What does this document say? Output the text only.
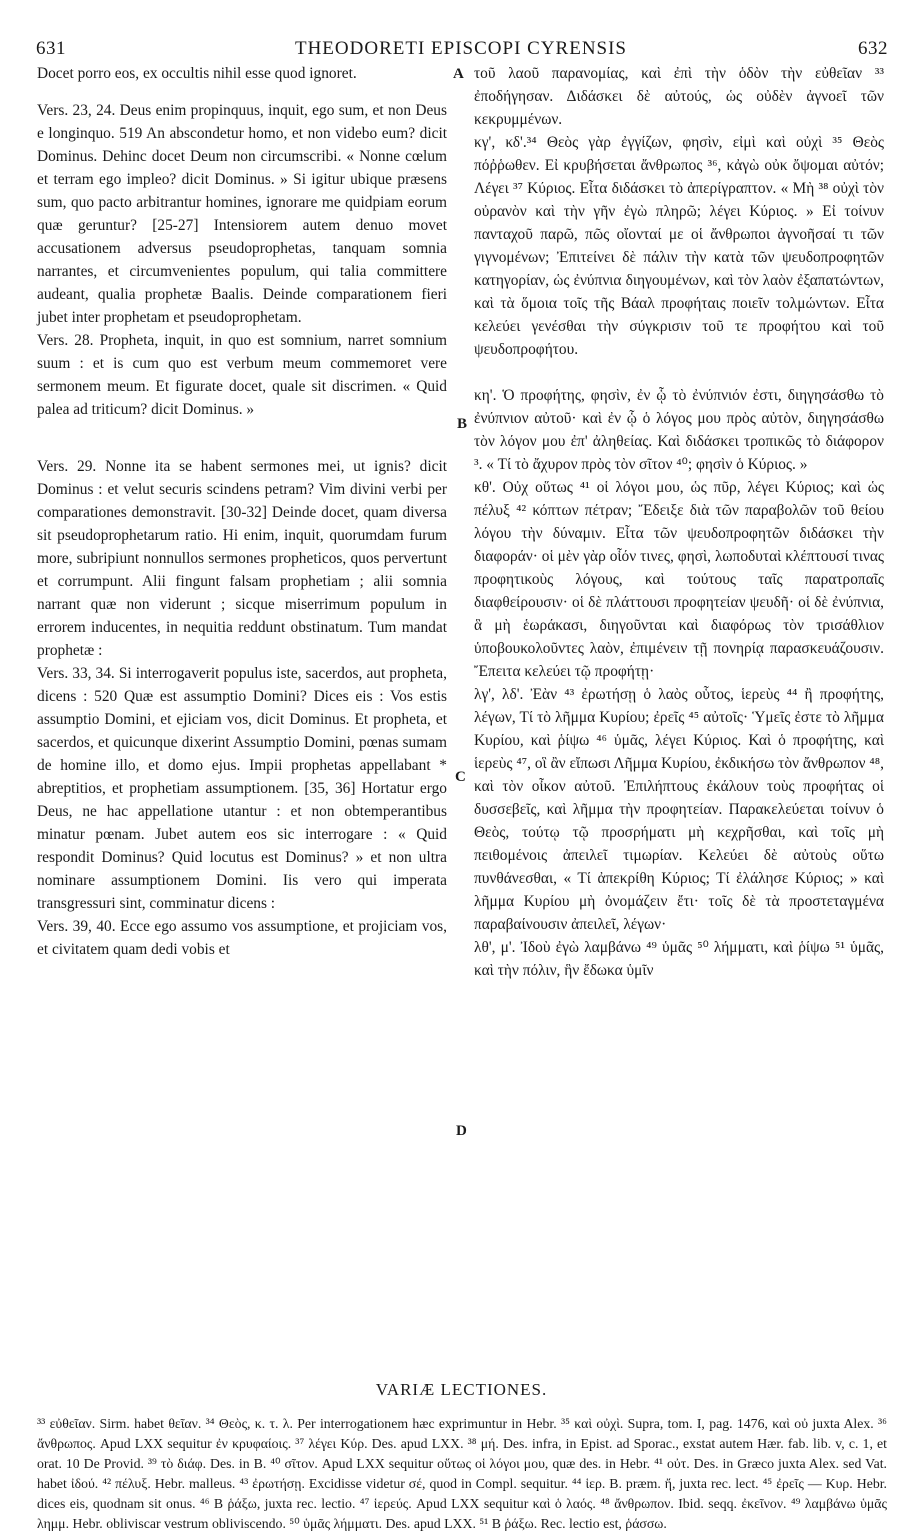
631	THEODORETI EPISCOPI CYRENSIS	632

Docet porro eos, ex occultis nihil esse quod ignoret.

Vers. 23, 24. Deus enim propinquus, inquit, ego sum, et non Deus e longinquo. 519 An abscondetur homo, et non videbo eum? dicit Dominus. Dehinc docet Deum non circumscribi. « Nonne cœlum et terram ego impleo? dicit Dominus. » Si igitur ubique præsens sum, quo pacto arbitrantur homines, ignorare me quidpiam eorum quæ geruntur? [25-27] Intensiorem autem denuo movet accusationem adversus pseudoprophetas, tanquam somnia narrantes, et circumvenientes populum, qui talia committere audeant, qualia prophetæ Baalis. Deinde comparationem fieri jubet inter prophetam et pseudoprophetam.

Vers. 28. Propheta, inquit, in quo est somnium, narret somnium suum : et is cum quo est verbum meum commemoret vere sermonem meum. Et figurate docet, quale sit discrimen. « Quid palea ad triticum? dicit Dominus. »

Vers. 29. Nonne ita se habent sermones mei, ut ignis? dicit Dominus : et velut securis scindens petram? Vim divini verbi per comparationes demonstravit. [30-32] Deinde docet, quam diversa sit pseudoprophetarum ratio. Hi enim, inquit, quorumdam furum more, subripiunt nonnullos sermones propheticos, quos pervertunt et corrumpunt. Alii fingunt falsam prophetiam ; alii somnia narrant quæ non viderunt ; sicque miserrimum populum in errorem inducentes, in nequitia reddunt obstinatum. Tum mandat prophetæ :

Vers. 33, 34. Si interrogaverit populus iste, sacerdos, aut propheta, dicens : 520 Quæ est assumptio Domini? Dices eis : Vos estis assumptio Domini, et ejiciam vos, dicit Dominus. Et propheta, et sacerdos, et quicunque dixerint Assumptio Domini, pœnas sumam de homine illo, et domo ejus. Impii prophetas appellabant * abreptitios, et prophetiam assumptionem. [35, 36] Hortatur ergo Deus, ne hac appellatione utantur : et non obtemperantibus minatur pœnam. Jubet autem eos sic interrogare : « Quid respondit Dominus? Quid locutus est Dominus? » et non ultra nominare assumptionem Domini. Iis vero qui imperata transgressuri sint, comminatur dicens :

Vers. 39, 40. Ecce ego assumo vos assumptione, et projiciam vos, et civitatem quam dedi vobis et

A
B
C
D

τοῦ λαοῦ παρανομίας, καὶ ἐπὶ τὴν ὁδὸν τὴν εὐθεῖαν ³³ ἐποδήγησαν. Διδάσκει δὲ αὐτούς, ὡς οὐδὲν ἀγνοεῖ τῶν κεκρυμμένων.

κγ', κδ'.³⁴ Θεὸς γὰρ ἐγγίζων, φησὶν, εἰμὶ καὶ οὐχὶ ³⁵ Θεὸς πόῤῥωθεν. Εἰ κρυβήσεται ἄνθρωπος ³⁶, κἀγὼ οὐκ ὄψομαι αὐτόν; Λέγει ³⁷ Κύριος. Εἶτα διδάσκει τὸ ἀπερίγραπτον. « Μὴ ³⁸ οὐχὶ τὸν οὐρανὸν καὶ τὴν γῆν ἐγὼ πληρῶ; λέγει Κύριος. » Εἰ τοίνυν πανταχοῦ παρῶ, πῶς οἴονταί με οἱ ἄνθρωποι ἀγνοῆσαί τι τῶν γιγνομένων; Ἐπιτείνει δὲ πάλιν τὴν κατὰ τῶν ψευδοπροφητῶν κατηγορίαν, ὡς ἐνύπνια διηγουμένων, καὶ τὸν λαὸν ἐξαπατώντων, καὶ τὰ ὅμοια τοῖς τῆς Βάαλ προφήταις ποιεῖν τολμώντων. Εἶτα κελεύει γενέσθαι τὴν σύγκρισιν τοῦ τε προφήτου καὶ τοῦ ψευδοπροφήτου.

κη'. Ὁ προφήτης, φησὶν, ἐν ᾧ τὸ ἐνύπνιόν ἐστι, διηγησάσθω τὸ ἐνύπνιον αὐτοῦ· καὶ ἐν ᾧ ὁ λόγος μου πρὸς αὐτὸν, διηγησάσθω τὸν λόγον μου ἐπ' ἀληθείας. Καὶ διδάσκει τροπικῶς τὸ διάφορον ³. « Τί τὸ ἄχυρον πρὸς τὸν σῖτον ⁴⁰; φησὶν ὁ Κύριος. »

κθ'. Οὐχ οὕτως ⁴¹ οἱ λόγοι μου, ὡς πῦρ, λέγει Κύριος; καὶ ὡς πέλυξ ⁴² κόπτων πέτραν; Ἔδειξε διὰ τῶν παραβολῶν τοῦ θείου λόγου τὴν δύναμιν. Εἶτα τῶν ψευδοπροφητῶν διδάσκει τὴν διαφοράν· οἱ μὲν γὰρ οἷόν τινες, φησὶ, λωποδυταὶ κλέπτουσί τινας προφητικοὺς λόγους, καὶ τούτους ταῖς παρατροπαῖς διαφθείρουσιν· οἱ δὲ πλάττουσι προφητείαν ψευδῆ· οἱ δὲ ἐνύπνια, ἃ μὴ ἑωράκασι, διηγοῦνται καὶ διαφόρως τὸν τρισάθλιον ὑποβουκολοῦντες λαὸν, ἐπιμένειν τῇ πονηρίᾳ παρασκευάζουσιν. Ἔπειτα κελεύει τῷ προφήτῃ·

λγ', λδ'. Ἐὰν ⁴³ ἐρωτήσῃ ὁ λαὸς οὗτος, ἱερεὺς ⁴⁴ ἢ προφήτης, λέγων, Τί τὸ λῆμμα Κυρίου; ἐρεῖς ⁴⁵ αὐτοῖς· Ὑμεῖς ἐστε τὸ λῆμμα Κυρίου, καὶ ῥίψω ⁴⁶ ὑμᾶς, λέγει Κύριος. Καὶ ὁ προφήτης, καὶ ἱερεὺς ⁴⁷, οἳ ἂν εἴπωσι Λῆμμα Κυρίου, ἐκδικήσω τὸν ἄνθρωπον ⁴⁸, καὶ τὸν οἶκον αὐτοῦ. Ἐπιλήπτους ἐκάλουν τοὺς προφήτας οἱ δυσσεβεῖς, καὶ λῆμμα τὴν προφητείαν. Παρακελεύεται τοίνυν ὁ Θεὸς, τούτῳ τῷ προσρήματι μὴ κεχρῆσθαι, καὶ τοῖς μὴ πειθομένοις ἀπειλεῖ τιμωρίαν. Κελεύει δὲ αὐτοὺς οὕτω πυνθάνεσθαι, « Τί ἀπεκρίθη Κύριος; Τί ἐλάλησε Κύριος; » καὶ λῆμμα Κυρίου μὴ ὀνομάζειν ἔτι· τοῖς δὲ τὰ προστεταγμένα παραβαίνουσιν ἀπειλεῖ, λέγων·

λθ', μ'. Ἰδοὺ ἐγὼ λαμβάνω ⁴⁹ ὑμᾶς ⁵⁰ λήμματι, καὶ ῥίψω ⁵¹ ὑμᾶς, καὶ τὴν πόλιν, ἣν ἔδωκα ὑμῖν

VARIÆ LECTIONES.

³³ εὐθεῖαν. Sirm. habet θεῖαν. ³⁴ Θεὸς, κ. τ. λ. Per interrogationem hæc exprimuntur in Hebr. ³⁵ καὶ οὐχὶ. Supra, tom. I, pag. 1476, καὶ οὐ juxta Alex. ³⁶ ἄνθρωπος. Apud LXX sequitur ἐν κρυφαίοις. ³⁷ λέγει Κύρ. Des. apud LXX. ³⁸ μή. Des. infra, in Epist. ad Sporac., exstat autem Hær. fab. lib. v, c. 1, et orat. 10 De Provid. ³⁹ τὸ διάφ. Des. in B. ⁴⁰ σῖτον. Apud LXX sequitur οὕτως οἱ λόγοι μου, quæ des. in Hebr. ⁴¹ οὐτ. Des. in Græco juxta Alex. sed Vat. habet ἰδού. ⁴² πέλυξ. Hebr. malleus. ⁴³ ἐρωτήσῃ. Excidisse videtur σέ, quod in Compl. sequitur. ⁴⁴ ἱερ. B. præm. ἤ, juxta rec. lect. ⁴⁵ ἐρεῖς — Κυρ. Hebr. dices eis, quodnam sit onus. ⁴⁶ B ῥάξω, juxta rec. lectio. ⁴⁷ ἱερεύς. Apud LXX sequitur καὶ ὁ λαός. ⁴⁸ ἄνθρωπον. Ibid. seqq. ἐκεῖνον. ⁴⁹ λαμβάνω ὑμᾶς λημμ. Hebr. obliviscar vestrum obliviscendo. ⁵⁰ ὑμᾶς λήμματι. Des. apud LXX. ⁵¹ B ῥάξω. Rec. lectio est, ῥάσσω.
